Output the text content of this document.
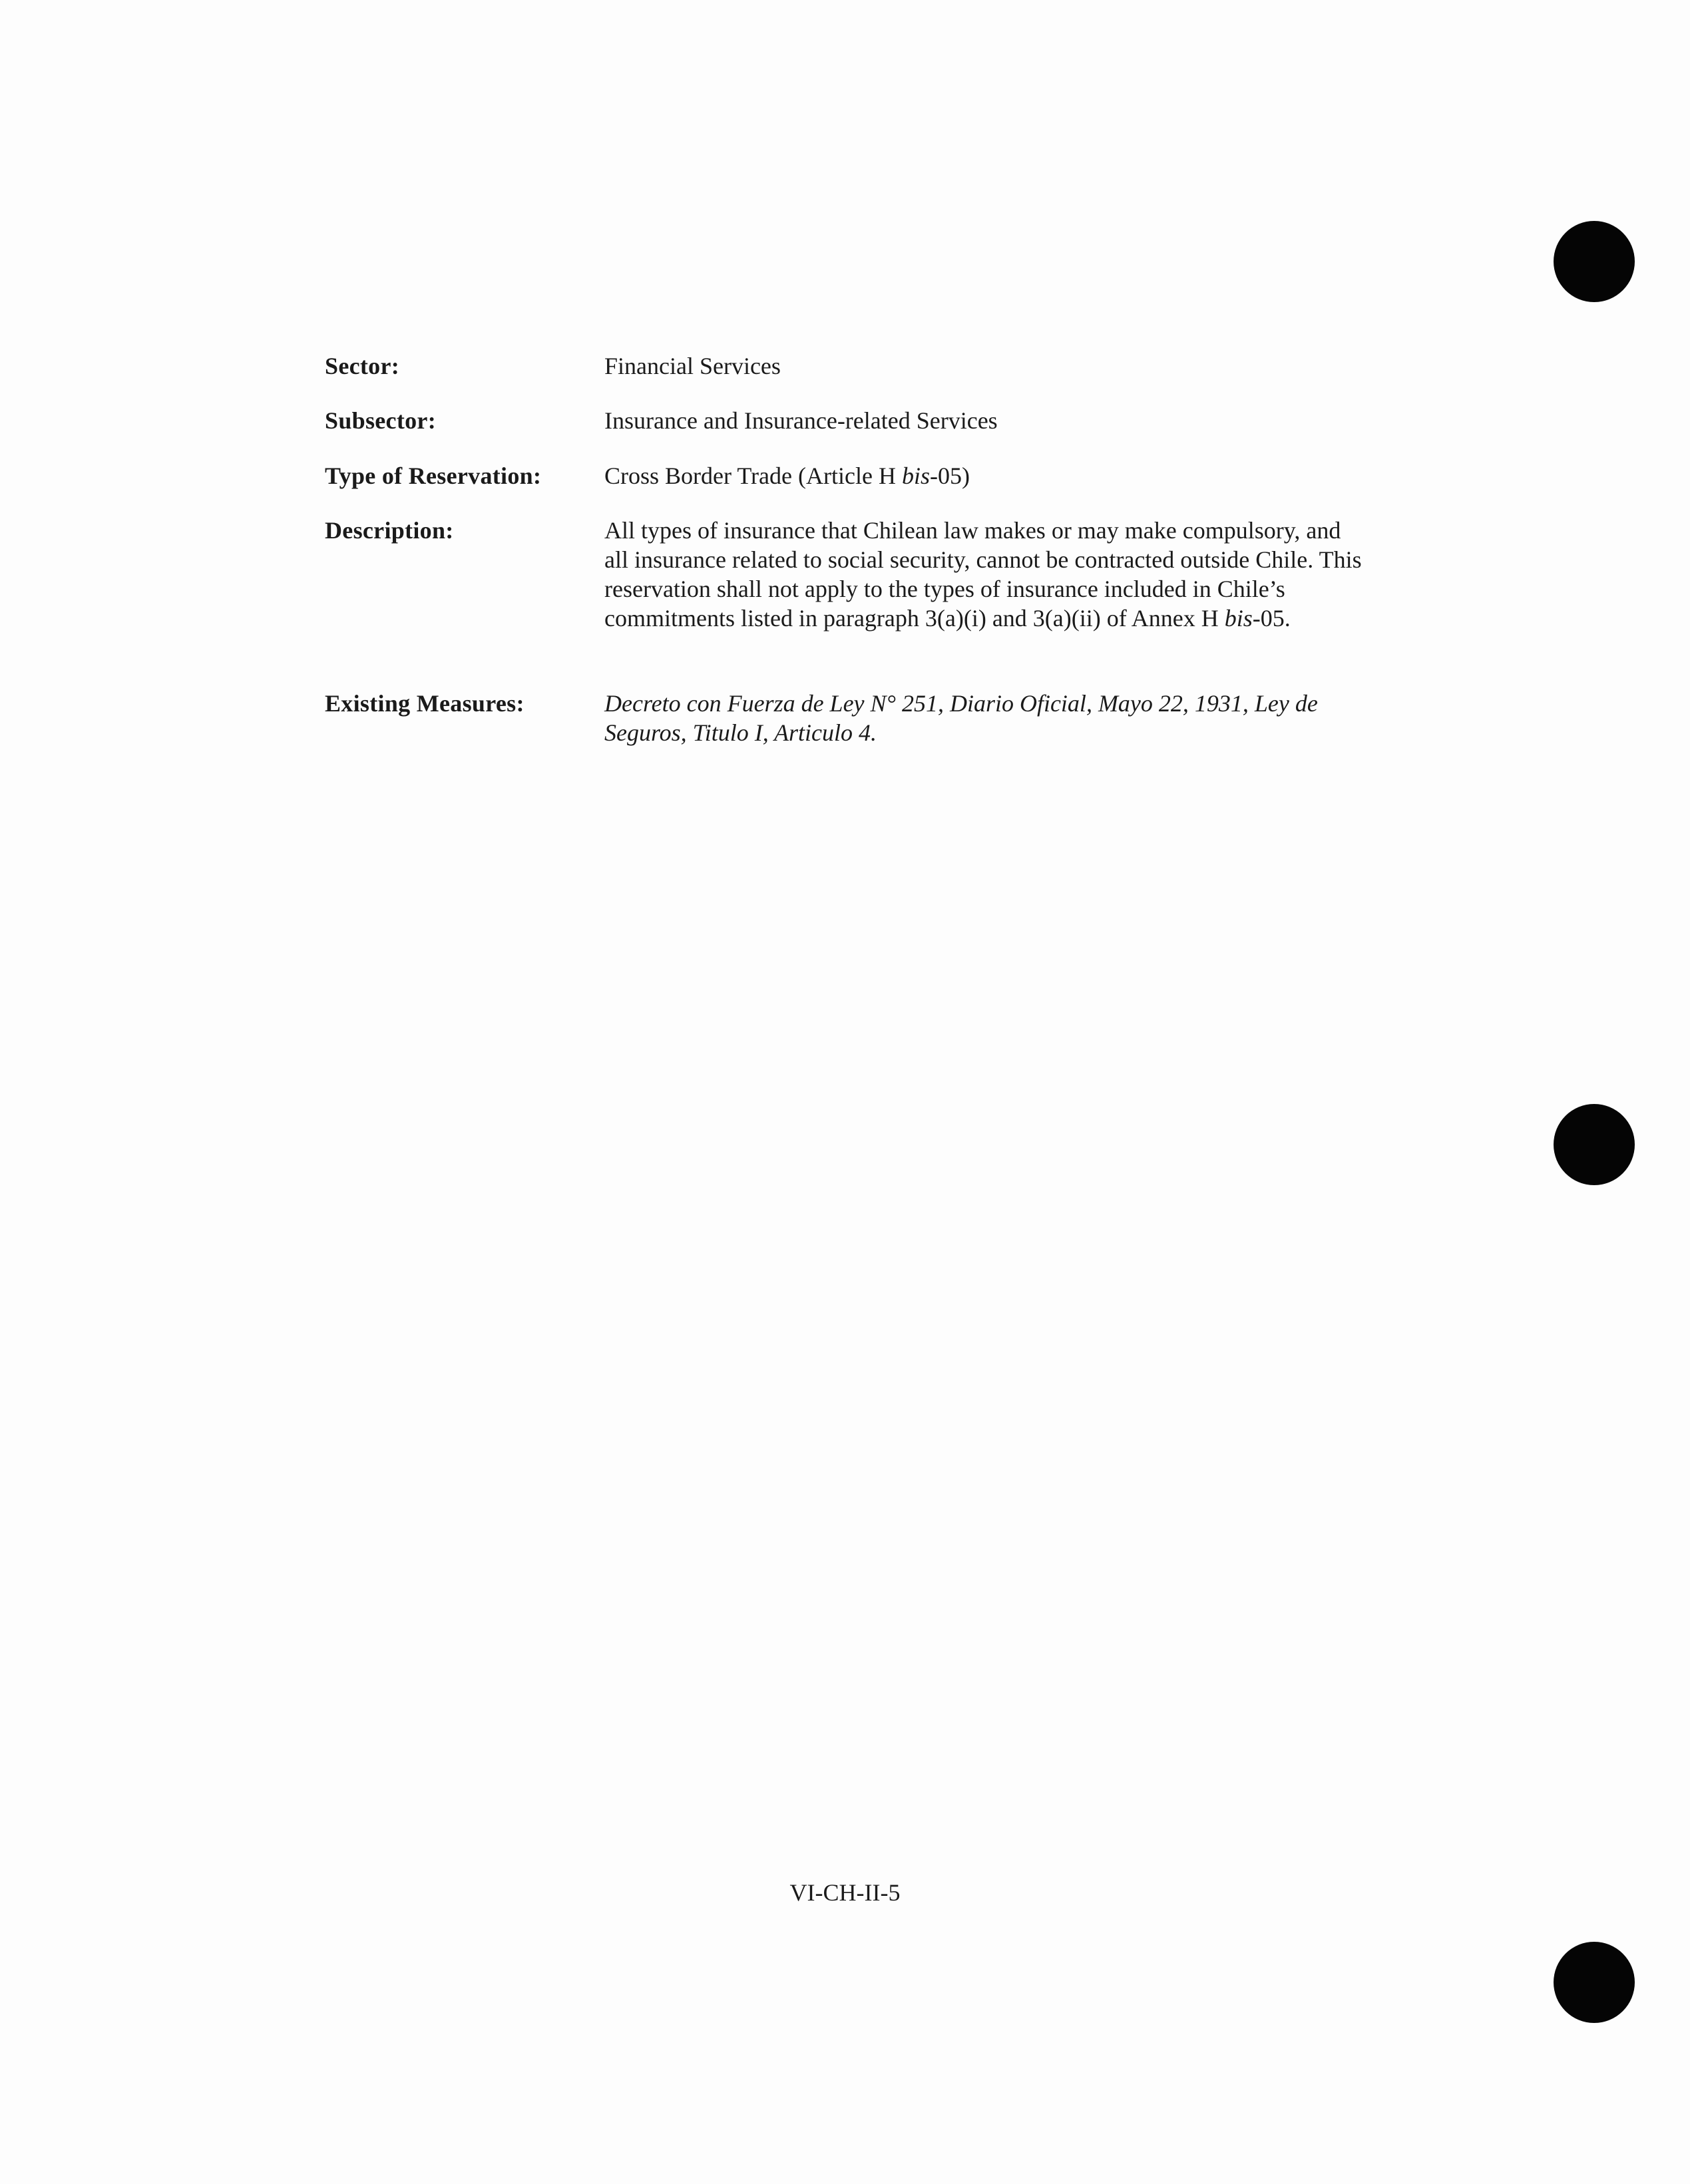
Sector:	Financial Services
Subsector:	Insurance and Insurance-related Services
Type of Reservation:	Cross Border Trade (Article H bis-05)
Description:	All types of insurance that Chilean law makes or may make compulsory, and all insurance related to social security, cannot be contracted outside Chile. This reservation shall not apply to the types of insurance included in Chile’s commitments listed in paragraph 3(a)(i) and 3(a)(ii) of Annex H bis-05.
Existing Measures:	Decreto con Fuerza de Ley N° 251, Diario Oficial, Mayo 22, 1931, Ley de Seguros, Titulo I, Articulo 4.
VI-CH-II-5
